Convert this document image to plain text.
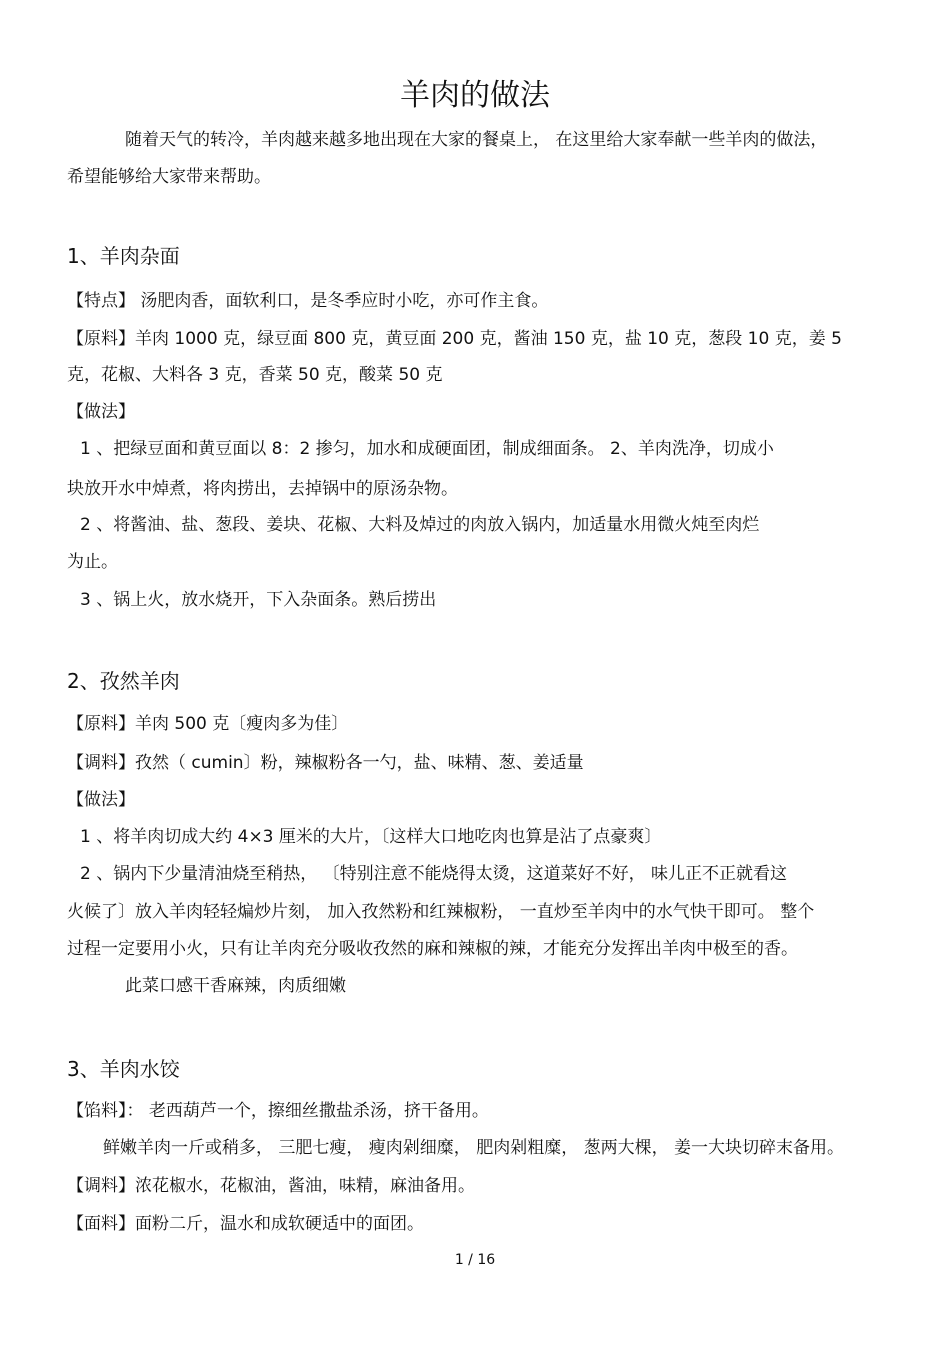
羊肉的做法
随着天气的转冷，羊肉越来越多地出现在大家的餐桌上， 在这里给大家奉献一些羊肉的做法，
希望能够给大家带来帮助。
1、羊肉杂面
【特点】 汤肥肉香，面软利口，是冬季应时小吃，亦可作主食。
【原料】羊肉 1000 克，绿豆面 800 克，黄豆面 200 克，酱油 150 克，盐 10 克，葱段 10 克，姜 5
克，花椒、大料各 3 克，香菜 50 克，酸菜 50 克
【做法】
1 、把绿豆面和黄豆面以 8：2 掺匀，加水和成硬面团，制成细面条。 2、羊肉洗净，切成小
块放开水中焯煮，将肉捞出，去掉锅中的原汤杂物。
2 、将酱油、盐、葱段、姜块、花椒、大料及焯过的肉放入锅内，加适量水用微火炖至肉烂
为止。
3 、锅上火，放水烧开，下入杂面条。熟后捞出
2、孜然羊肉
【原料】羊肉 500 克〔瘦肉多为佳〕
【调料】孜然（ cumin〕粉，辣椒粉各一勺，盐、味精、葱、姜适量
【做法】
1 、将羊肉切成大约 4×3 厘米的大片，〔这样大口地吃肉也算是沾了点豪爽〕
2 、锅内下少量清油烧至稍热， 〔特别注意不能烧得太烫，这道菜好不好， 味儿正不正就看这
火候了〕放入羊肉轻轻煸炒片刻， 加入孜然粉和红辣椒粉， 一直炒至羊肉中的水气快干即可。 整个
过程一定要用小火，只有让羊肉充分吸收孜然的麻和辣椒的辣，才能充分发挥出羊肉中极至的香。
此菜口感干香麻辣，肉质细嫩
3、羊肉水饺
【馅料】： 老西葫芦一个，擦细丝撒盐杀汤，挤干备用。
鲜嫩羊肉一斤或稍多， 三肥七瘦， 瘦肉剁细糜， 肥肉剁粗糜， 葱两大棵， 姜一大块切碎末备用。
【调料】浓花椒水，花椒油，酱油，味精，麻油备用。
【面料】面粉二斤，温水和成软硬适中的面团。
1 / 16
